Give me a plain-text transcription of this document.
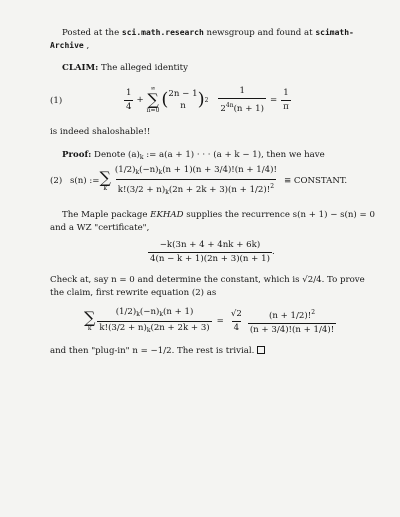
Posted at the sci.math.research newsgroup and found at scimath-
Archive ,
CLAIM: The alleged identity
(1)	$\frac{1}{4}$ +
∞
∑
n=0
( 2n − 1
n ) $2 \frac{1}{2^{4n}(n + 1)} = \frac{1}{\pi}$
is indeed shaloshable!!
Proof: Denote $(a)_k$ := a(a + 1) · · · (a + k − 1), then we have
(2) s(n) := ∑
k $\frac{(1/2)_k(-n)_k(n + 1)(n + 3/4)!(n + 1/4)!}{k!(3/2 + n)_k(2n + 2k + 3)(n + 1/2)!^2}$ ≡ CONSTANT.
The Maple package EKHAD supplies the recurrence s(n + 1) − s(n) = 0
and a WZ "certificate",
$\frac{-k(3n + 4 + 4nk + 6k)}{4(n - k + 1)(2n + 3)(n + 1)}$ .
Check at, say n = 0 and determine the constant, which is √2/4. To prove
the claim, first rewrite equation (2) as
∑
k $\frac{(1/2)_k(-n)_k(n + 1)}{k!(3/2 + n)_k(2n + 2k + 3)} = \frac{√2}{4} \frac{(n + 1/2)!^2}{(n + 3/4)!(n + 1/4)!}$
and then "plug-in" n = −1/2. The rest is trivial.
